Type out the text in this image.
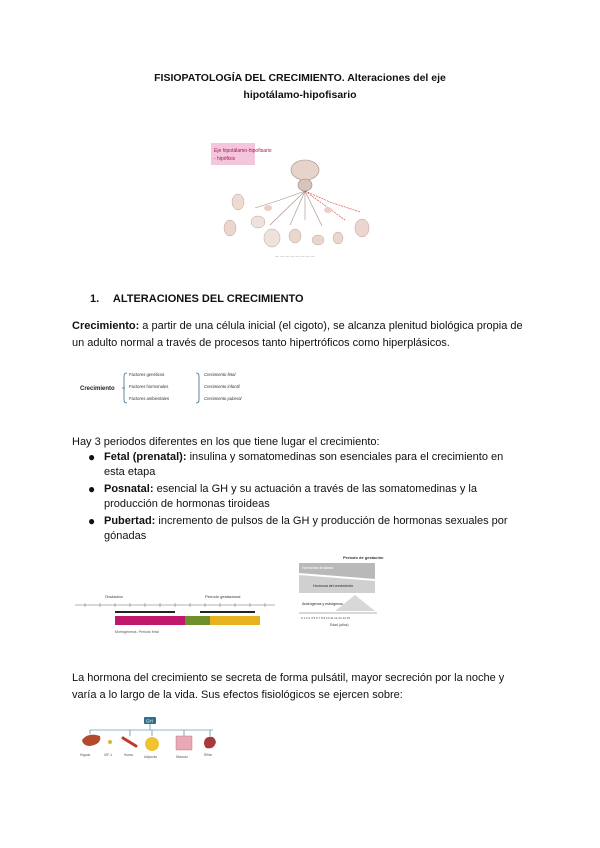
FISIOPATOLOGÍA DEL CRECIMIENTO. Alteraciones del eje
hipotálamo-hipofisario
Eje hipotálamo-hipofisario
- hipófisis
— — — — — — — —
1. ALTERACIONES DEL CRECIMIENTO
Crecimiento: a partir de una célula inicial (el cigoto), se alcanza plenitud biológica propia de un adulto normal a través de procesos tanto hipertróficos como hiperplásicos.
Crecimiento
Factores genéticos
Factores hormonales
Factores ambientales
Crecimiento fetal
Crecimiento infantil
Crecimiento puberal
Hay 3 periodos diferentes en los que tiene lugar el crecimiento:
● Fetal (prenatal): insulina y somatomedinas son esenciales para el crecimiento en esta etapa
● Posnatal: esencial la GH y su actuación a través de las somatomedinas y la producción de hormonas tiroideas
● Pubertad: incremento de pulsos de la GH y producción de hormonas sexuales por gónadas
Ovulación	Período gestacional
Morfogénesis. Periodo fetal
Periodo de gestación
Hormonas tiroideas
Hormona del crecimiento
Andrógenos y estrógenos
0 1 2 3 4 5 6 7 8 9 10 11 12 13 14 15
Edad (años)
La hormona del crecimiento se secreta de forma pulsátil, mayor secreción por la noche y varía a lo largo de la vida. Sus efectos fisiológicos se ejercen sobre:
GH
Hígado	IGF-1	Hueso	Adipocito	Músculo	Riñón
